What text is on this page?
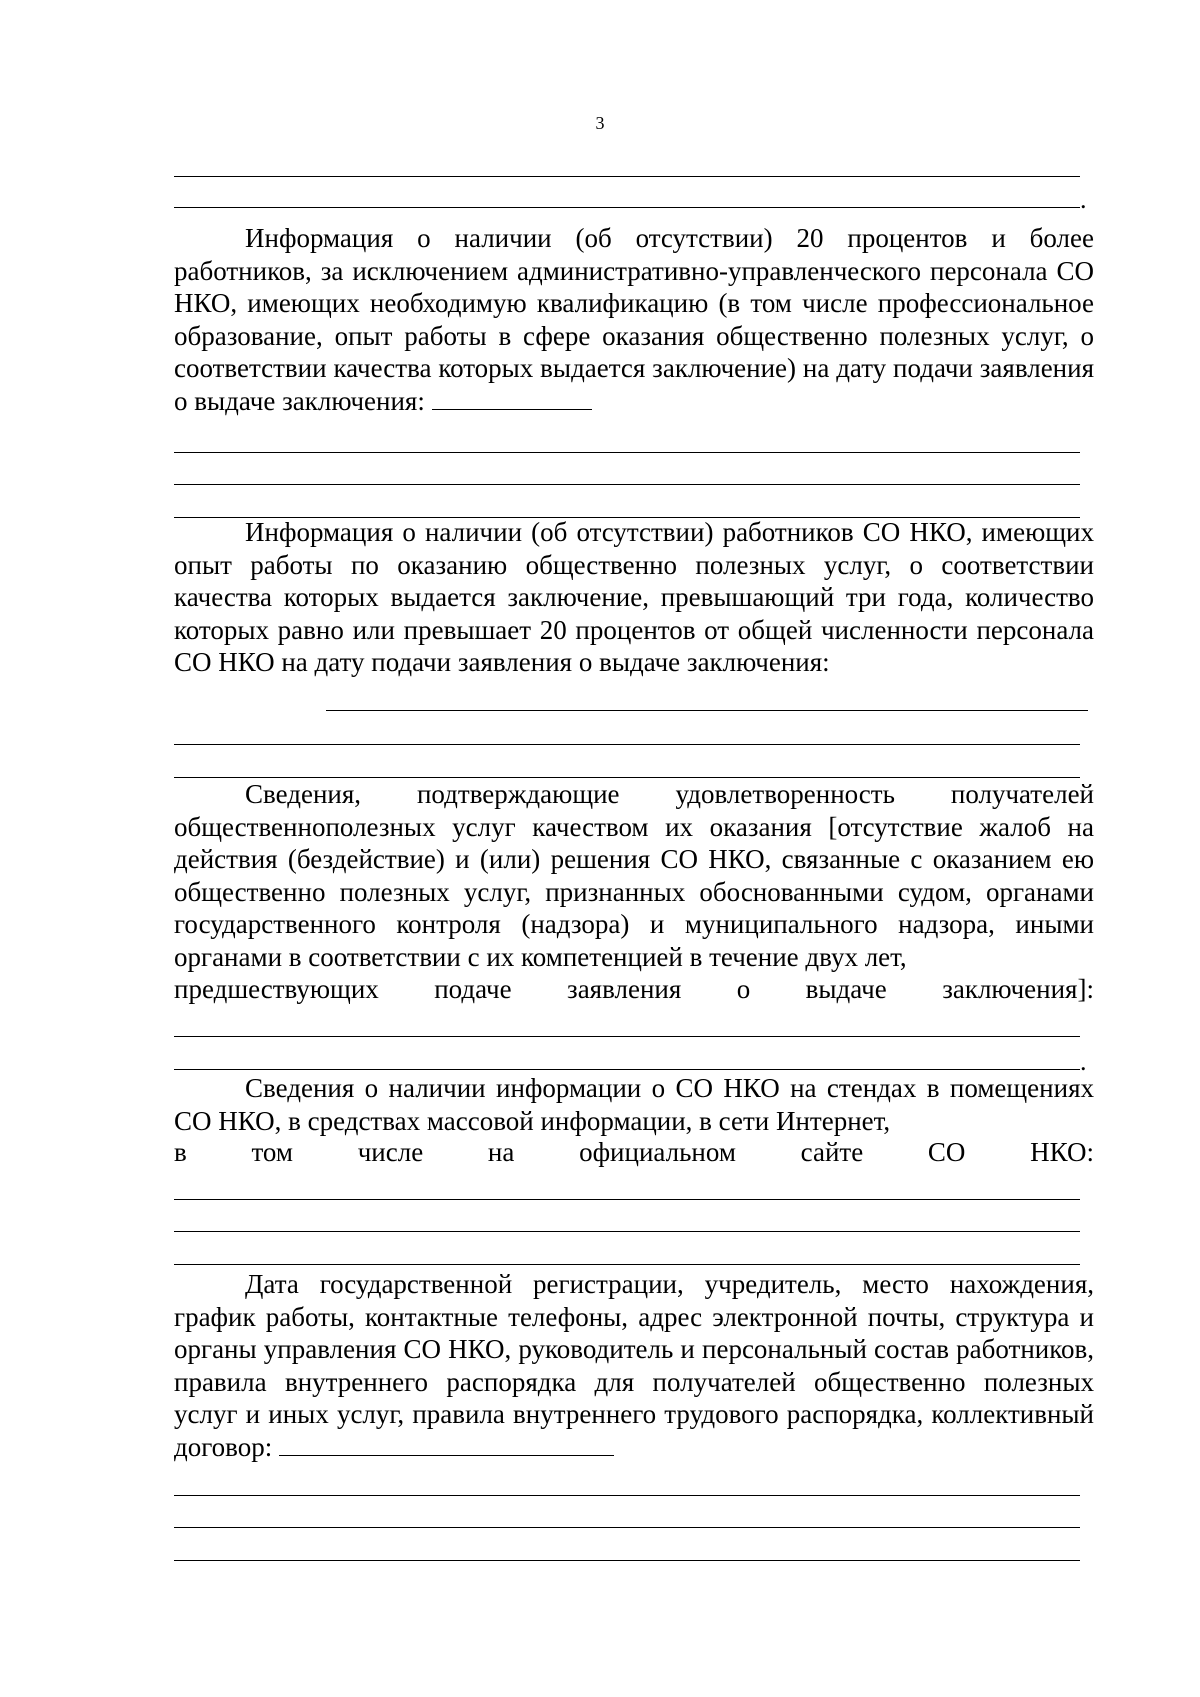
3
.

Информация о наличии (об отсутствии) 20 процентов и более работников, за исключением административно-управленческого персонала СО НКО, имеющих необходимую квалификацию (в том числе профессиональное образование, опыт работы в сфере оказания общественно полезных услуг, о соответствии качества которых выдается заключение) на дату подачи заявления о выдаче заключения:

Информация о наличии (об отсутствии) работников СО НКО, имеющих опыт работы по оказанию общественно полезных услуг, о соответствии качества которых выдается заключение, превышающий три года, количество которых равно или превышает 20 процентов от общей численности персонала СО НКО на дату подачи заявления о выдаче заключения:

Сведения, подтверждающие удовлетворенность получателей общественнополезных услуг качеством их оказания [отсутствие жалоб на действия (бездействие) и (или) решения СО НКО, связанные с оказанием ею общественно полезных услуг, признанных обоснованными судом, органами государственного контроля (надзора) и муниципального надзора, иными органами в соответствии с их компетенцией в течение двух лет,

предшествующих подаче заявления о выдаче заключения]:
.

Сведения о наличии информации о СО НКО на стендах в помещениях СО НКО, в средствах массовой информации, в сети Интернет,

в том числе на официальном сайте СО НКО:

Дата государственной регистрации, учредитель, место нахождения, график работы, контактные телефоны, адрес электронной почты, структура и органы управления СО НКО, руководитель и персональный состав работников, правила внутреннего распорядка для получателей общественно полезных услуг и иных услуг, правила внутреннего трудового распорядка, коллективный договор:
